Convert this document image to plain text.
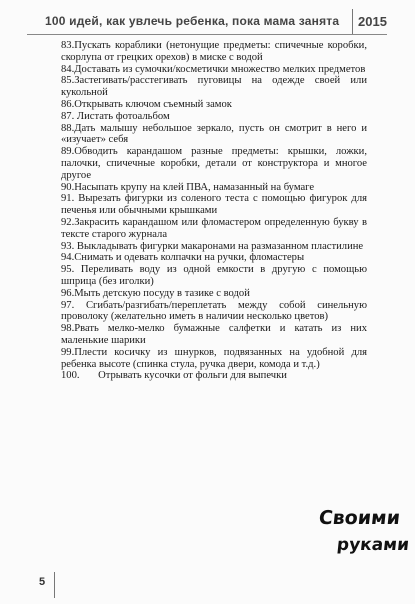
100 идей, как увлечь ребенка, пока мама занята 2015

83.Пускать кораблики (нетонущие предметы: спичечные коробки, скорлупа от грецких орехов) в миске с водой

84.Доставать из сумочки/косметички множество мелких предметов

85.Застегивать/расстегивать пуговицы на одежде своей или кукольной

86.Открывать ключом съемный замок

87. Листать фотоальбом

88.Дать малышу небольшое зеркало, пусть он смотрит в него и «изучает» себя

89.Обводить карандашом разные предметы: крышки, ложки, палочки, спичечные коробки, детали от конструктора и многое другое

90.Насыпать крупу на клей ПВА, намазанный на бумаге

91. Вырезать фигурки из соленого теста с помощью фигурок для печенья или обычными крышками

92.Закрасить карандашом или фломастером определенную букву в тексте старого журнала

93. Выкладывать фигурки макаронами на размазанном пластилине

94.Снимать и одевать колпачки на ручки, фломастеры

95. Переливать воду из одной емкости в другую с помощью шприца (без иголки)

96.Мыть детскую посуду в тазике с водой

97. Сгибать/разгибать/переплетать между собой синельную проволоку (желательно иметь в наличии несколько цветов)

98.Рвать мелко-мелко бумажные салфетки и катать из них маленькие шарики

99.Плести косичку из шнурков, подвязанных на удобной для ребенка высоте (спинка стула, ручка двери, комода и т.д.)

100.       Отрывать кусочки от фольги для выпечки

Своими
руками
5
